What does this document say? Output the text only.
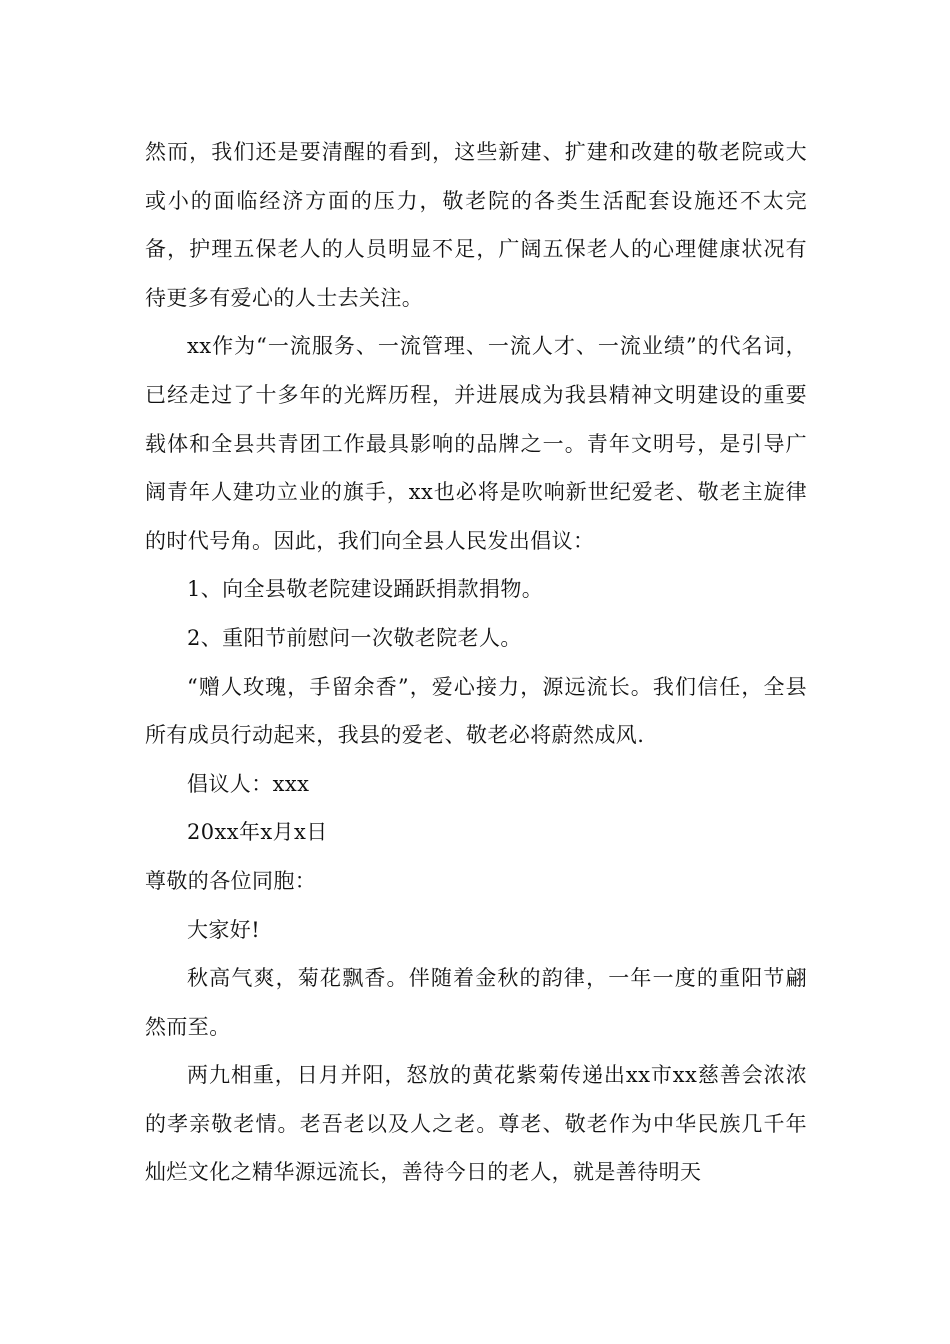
然而，我们还是要清醒的看到，这些新建、扩建和改建的敬老院或大或小的面临经济方面的压力，敬老院的各类生活配套设施还不太完备，护理五保老人的人员明显不足，广阔五保老人的心理健康状况有待更多有爱心的人士去关注。

xx作为“一流服务、一流管理、一流人才、一流业绩”的代名词，已经走过了十多年的光辉历程，并进展成为我县精神文明建设的重要载体和全县共青团工作最具影响的品牌之一。青年文明号，是引导广阔青年人建功立业的旗手，xx也必将是吹响新世纪爱老、敬老主旋律的时代号角。因此，我们向全县人民发出倡议：

1、向全县敬老院建设踊跃捐款捐物。

2、重阳节前慰问一次敬老院老人。

“赠人玫瑰，手留余香”，爱心接力，源远流长。我们信任，全县所有成员行动起来，我县的爱老、敬老必将蔚然成风.

倡议人：xxx

20xx年x月x日

尊敬的各位同胞：

大家好!

秋高气爽，菊花飘香。伴随着金秋的韵律，一年一度的重阳节翩然而至。

两九相重，日月并阳，怒放的黄花紫菊传递出xx市xx慈善会浓浓的孝亲敬老情。老吾老以及人之老。尊老、敬老作为中华民族几千年灿烂文化之精华源远流长，善待今日的老人，就是善待明天
